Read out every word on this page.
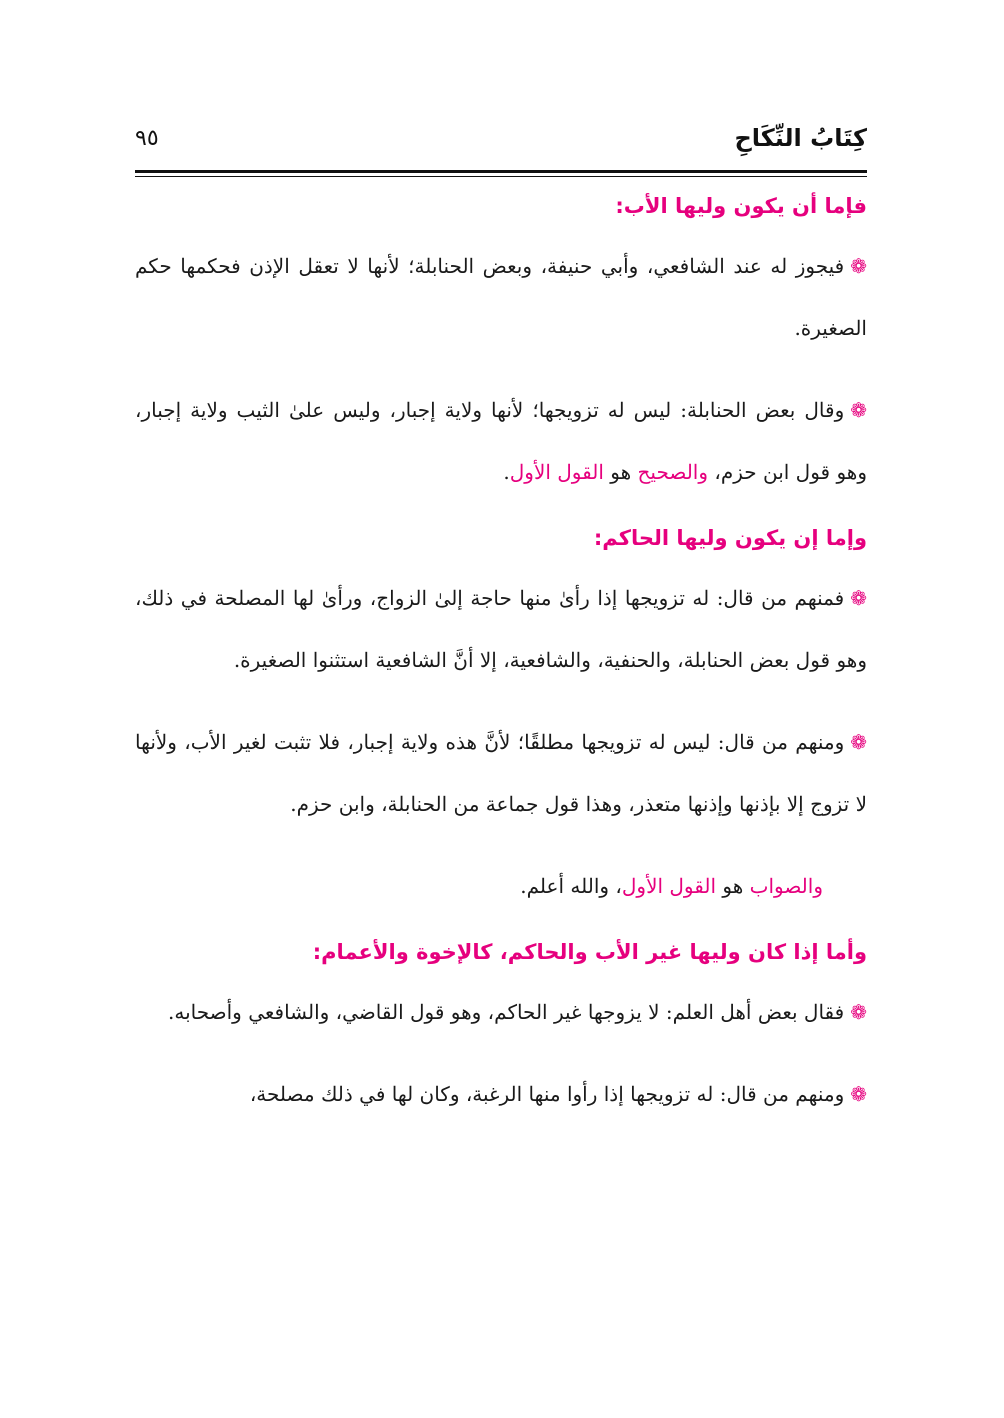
كِتَابُ النِّكَاحِ
٩٥
فإما أن يكون وليها الأب:

❁فيجوز له عند الشافعي، وأبي حنيفة، وبعض الحنابلة؛ لأنها لا تعقل الإذن فحكمها حكم الصغيرة.

❁وقال بعض الحنابلة: ليس له تزويجها؛ لأنها ولاية إجبار، وليس علىٰ الثيب ولاية إجبار، وهو قول ابن حزم، والصحيح هو القول الأول.

وإما إن يكون وليها الحاكم:

❁فمنهم من قال: له تزويجها إذا رأىٰ منها حاجة إلىٰ الزواج، ورأىٰ لها المصلحة في ذلك، وهو قول بعض الحنابلة، والحنفية، والشافعية، إلا أنَّ الشافعية استثنوا الصغيرة.

❁ومنهم من قال: ليس له تزويجها مطلقًا؛ لأنَّ هذه ولاية إجبار، فلا تثبت لغير الأب، ولأنها لا تزوج إلا بإذنها وإذنها متعذر، وهذا قول جماعة من الحنابلة، وابن حزم.

والصواب هو القول الأول، والله أعلم.

وأما إذا كان وليها غير الأب والحاكم، كالإخوة والأعمام:

❁فقال بعض أهل العلم: لا يزوجها غير الحاكم، وهو قول القاضي، والشافعي وأصحابه.

❁ومنهم من قال: له تزويجها إذا رأوا منها الرغبة، وكان لها في ذلك مصلحة،
